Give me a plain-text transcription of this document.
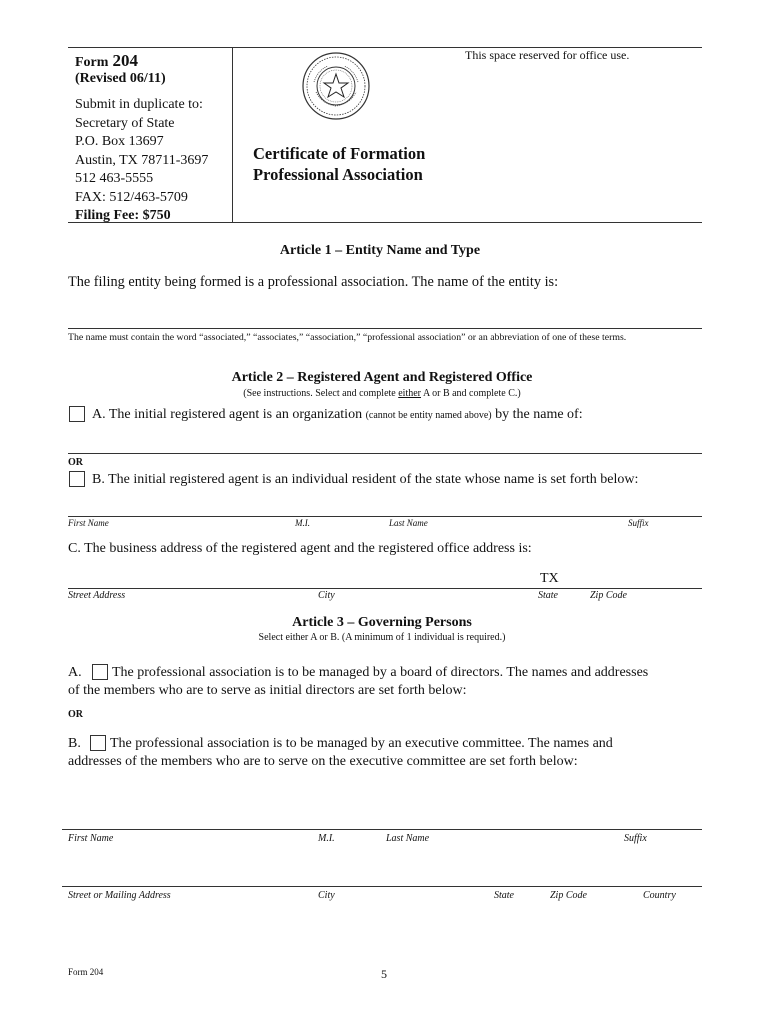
Form 204
(Revised 06/11)
Submit in duplicate to:
Secretary of State
P.O. Box 13697
Austin, TX 78711-3697
512 463-5555
FAX: 512/463-5709
Filing Fee: $750
This space reserved for office use.
Certificate of Formation
Professional Association
Article 1 – Entity Name and Type
The filing entity being formed is a professional association. The name of the entity is:
The name must contain the word “associated,” “associates,” “association,” “professional association” or an abbreviation of one of these terms.
Article 2 – Registered Agent and Registered Office
(See instructions. Select and complete either A or B and complete C.)
A. The initial registered agent is an organization (cannot be entity named above) by the name of:
OR
B. The initial registered agent is an individual resident of the state whose name is set forth below:
First Name	M.I.	Last Name	Suffix
C. The business address of the registered agent and the registered office address is:
TX
Street Address	City	State	Zip Code
Article 3 – Governing Persons
Select either A or B. (A minimum of 1 individual is required.)
A. The professional association is to be managed by a board of directors. The names and addresses
of the members who are to serve as initial directors are set forth below:
OR
B. The professional association is to be managed by an executive committee. The names and
addresses of the members who are to serve on the executive committee are set forth below:
First Name	M.I.	Last Name	Suffix
Street or Mailing Address	City	State	Zip Code	Country
Form 204	5
